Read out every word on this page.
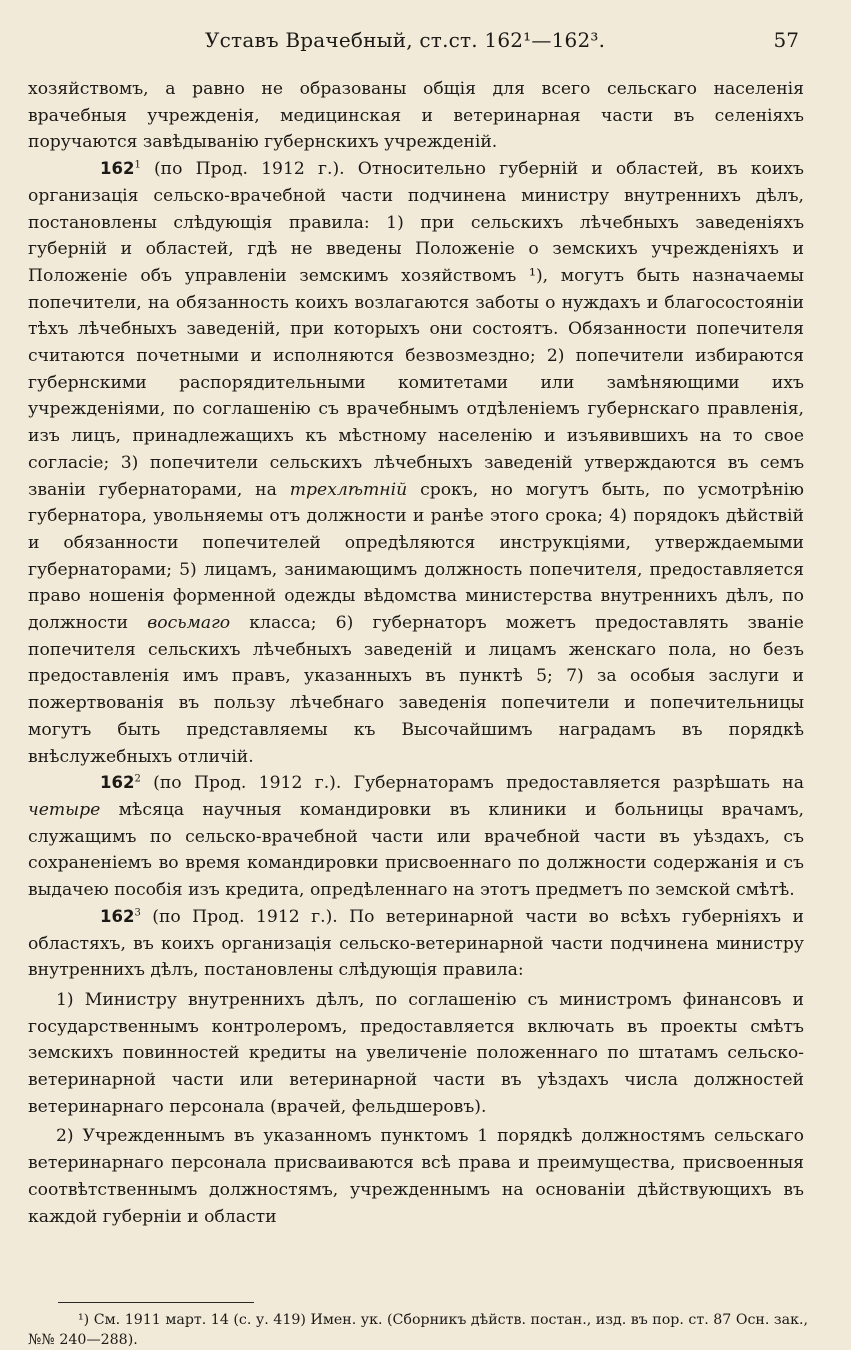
Уставъ Врачебный, ст.ст. 162¹—162³.	57

хозяйствомъ, а равно не образованы общія для всего сельскаго населенія врачебныя учрежденія, медицинская и ветеринарная части въ селеніяхъ поручаются завѣдыванію губернскихъ учрежденій.

$162^1$ (по Прод. 1912 г.). Относительно губерній и областей, въ коихъ организація сельско-врачебной части подчинена министру внутреннихъ дѣлъ, постановлены слѣдующія правила: 1) при сельскихъ лѣчебныхъ заведеніяхъ губерній и областей, гдѣ не введены Положеніе о земскихъ учрежденіяхъ и Положеніе объ управленіи земскимъ хозяйствомъ ¹), могутъ быть назначаемы попечители, на обязанность коихъ возлагаются заботы о нуждахъ и благосостояніи тѣхъ лѣчебныхъ заведеній, при которыхъ они состоятъ. Обязанности попечителя считаются почетными и исполняются безвозмездно; 2) попечители избираются губернскими распорядительными комитетами или замѣняющими ихъ учрежденіями, по соглашенію съ врачебнымъ отдѣленіемъ губернскаго правленія, изъ лицъ, принадлежащихъ къ мѣстному населенію и изъявившихъ на то свое согласіе; 3) попечители сельскихъ лѣчебныхъ заведеній утверждаются въ семъ званіи губернаторами, на трехлѣтній срокъ, но могутъ быть, по усмотрѣнію губернатора, увольняемы отъ должности и ранѣе этого срока; 4) порядокъ дѣйствій и обязанности попечителей опредѣляются инструкціями, утверждаемыми губернаторами; 5) лицамъ, занимающимъ должность попечителя, предоставляется право ношенія форменной одежды вѣдомства министерства внутреннихъ дѣлъ, по должности восьмаго класса; 6) губернаторъ можетъ предоставлять званіе попечителя сельскихъ лѣчебныхъ заведеній и лицамъ женскаго пола, но безъ предоставленія имъ правъ, указанныхъ въ пунктѣ 5; 7) за особыя заслуги и пожертвованія въ пользу лѣчебнаго заведенія попечители и попечительницы могутъ быть представляемы къ Высочайшимъ наградамъ въ порядкѣ внѣслужебныхъ отличій.

$162^2$ (по Прод. 1912 г.). Губернаторамъ предоставляется разрѣшать на четыре мѣсяца научныя командировки въ клиники и больницы врачамъ, служащимъ по сельско-врачебной части или врачебной части въ уѣздахъ, съ сохраненіемъ во время командировки присвоеннаго по должности содержанія и съ выдачею пособія изъ кредита, опредѣленнаго на этотъ предметъ по земской смѣтѣ.

$162^3$ (по Прод. 1912 г.). По ветеринарной части во всѣхъ губерніяхъ и областяхъ, въ коихъ организація сельско-ветеринарной части подчинена министру внутреннихъ дѣлъ, постановлены слѣдующія правила:

1) Министру внутреннихъ дѣлъ, по соглашенію съ министромъ финансовъ и государственнымъ контролеромъ, предоставляется включать въ проекты смѣтъ земскихъ повинностей кредиты на увеличеніе положеннаго по штатамъ сельско-ветеринарной части или ветеринарной части въ уѣздахъ числа должностей ветеринарнаго персонала (врачей, фельдшеровъ).

2) Учрежденнымъ въ указанномъ пунктомъ 1 порядкѣ должностямъ сельскаго ветеринарнаго персонала присваиваются всѣ права и преимущества, присвоенныя соотвѣтственнымъ должностямъ, учрежденнымъ на основаніи дѣйствующихъ въ каждой губерніи и области

¹) См. 1911 март. 14 (с. у. 419) Имен. ук. (Сборникъ дѣйств. постан., изд. въ пор. ст. 87 Осн. зак., №№ 240—288).
